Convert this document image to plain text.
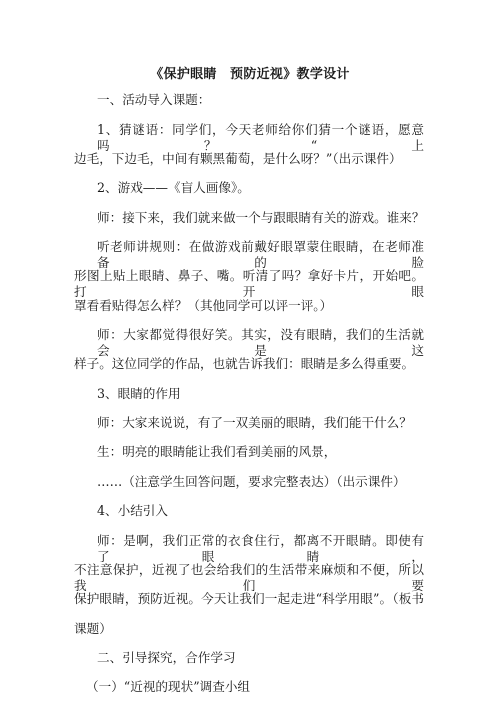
《保护眼睛　预防近视》教学设计
一、活动导入课题：
1、猜谜语：同学们，今天老师给你们猜一个谜语，愿意吗？“上
边毛，下边毛，中间有颗黑葡萄，是什么呀？”（出示课件）
2、游戏——《盲人画像》。
师：接下来，我们就来做一个与跟眼睛有关的游戏。谁来？
听老师讲规则：在做游戏前戴好眼罩蒙住眼睛，在老师准备的脸
形图上贴上眼睛、鼻子、嘴。听清了吗？拿好卡片，开始吧。打开眼
罩看看贴得怎么样？（其他同学可以评一评。）
师：大家都觉得很好笑。其实，没有眼睛，我们的生活就会是这
样子。这位同学的作品，也就告诉我们：眼睛是多么得重要。
3、眼睛的作用
师：大家来说说，有了一双美丽的眼睛，我们能干什么？
生：明亮的眼睛能让我们看到美丽的风景，
……（注意学生回答问题，要求完整表达）（出示课件）
4、小结引入
师：是啊，我们正常的衣食住行，都离不开眼睛。即使有了眼睛，
不注意保护，近视了也会给我们的生活带来麻烦和不便，所以我们要
保护眼睛，预防近视。今天让我们一起走进“科学用眼”。（板书
课题）
二、引导探究，合作学习
（一）“近视的现状”调查小组
